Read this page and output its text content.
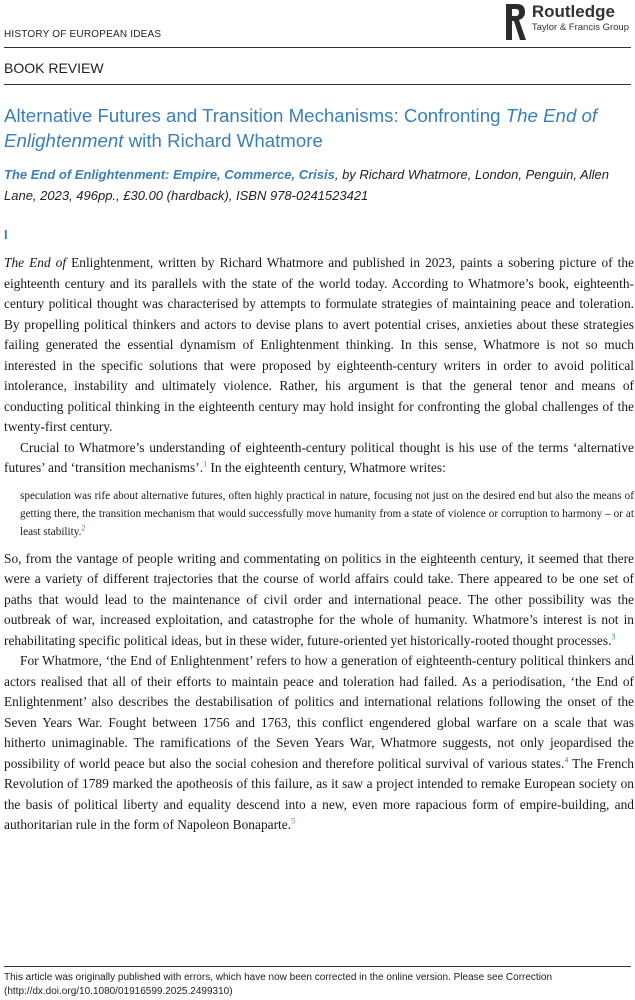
HISTORY OF EUROPEAN IDEAS
Routledge
Taylor & Francis Group
BOOK REVIEW
Alternative Futures and Transition Mechanisms: Confronting The End of Enlightenment with Richard Whatmore
The End of Enlightenment: Empire, Commerce, Crisis, by Richard Whatmore, London, Penguin, Allen Lane, 2023, 496pp., £30.00 (hardback), ISBN 978-0241523421
I

The End of Enlightenment, written by Richard Whatmore and published in 2023, paints a sobering picture of the eighteenth century and its parallels with the state of the world today. According to Whatmore’s book, eighteenth-century political thought was characterised by attempts to formulate strategies of maintaining peace and toleration. By propelling political thinkers and actors to devise plans to avert potential crises, anxieties about these strategies failing generated the essential dynamism of Enlightenment thinking. In this sense, Whatmore is not so much interested in the specific solutions that were proposed by eighteenth-century writers in order to avoid political intolerance, instability and ultimately violence. Rather, his argument is that the general tenor and means of conducting political thinking in the eighteenth century may hold insight for confronting the global challenges of the twenty-first century.

Crucial to Whatmore’s understanding of eighteenth-century political thought is his use of the terms ‘alternative futures’ and ‘transition mechanisms’.$^1$ In the eighteenth century, Whatmore writes:

speculation was rife about alternative futures, often highly practical in nature, focusing not just on the desired end but also the means of getting there, the transition mechanism that would successfully move humanity from a state of violence or corruption to harmony – or at least stability.$^2$

So, from the vantage of people writing and commentating on politics in the eighteenth century, it seemed that there were a variety of different trajectories that the course of world affairs could take. There appeared to be one set of paths that would lead to the maintenance of civil order and international peace. The other possibility was the outbreak of war, increased exploitation, and catastrophe for the whole of humanity. Whatmore’s interest is not in rehabilitating specific political ideas, but in these wider, future-oriented yet historically-rooted thought processes.$^3$

For Whatmore, ‘the End of Enlightenment’ refers to how a generation of eighteenth-century political thinkers and actors realised that all of their efforts to maintain peace and toleration had failed. As a periodisation, ‘the End of Enlightenment’ also describes the destabilisation of politics and international relations following the onset of the Seven Years War. Fought between 1756 and 1763, this conflict engendered global warfare on a scale that was hitherto unimaginable. The ramifications of the Seven Years War, Whatmore suggests, not only jeopardised the possibility of world peace but also the social cohesion and therefore political survival of various states.$^4$ The French Revolution of 1789 marked the apotheosis of this failure, as it saw a project intended to remake European society on the basis of political liberty and equality descend into a new, even more rapacious form of empire-building, and authoritarian rule in the form of Napoleon Bonaparte.$^5$

This article was originally published with errors, which have now been corrected in the online version. Please see Correction (http://dx.doi.org/10.1080/01916599.2025.2499310)
